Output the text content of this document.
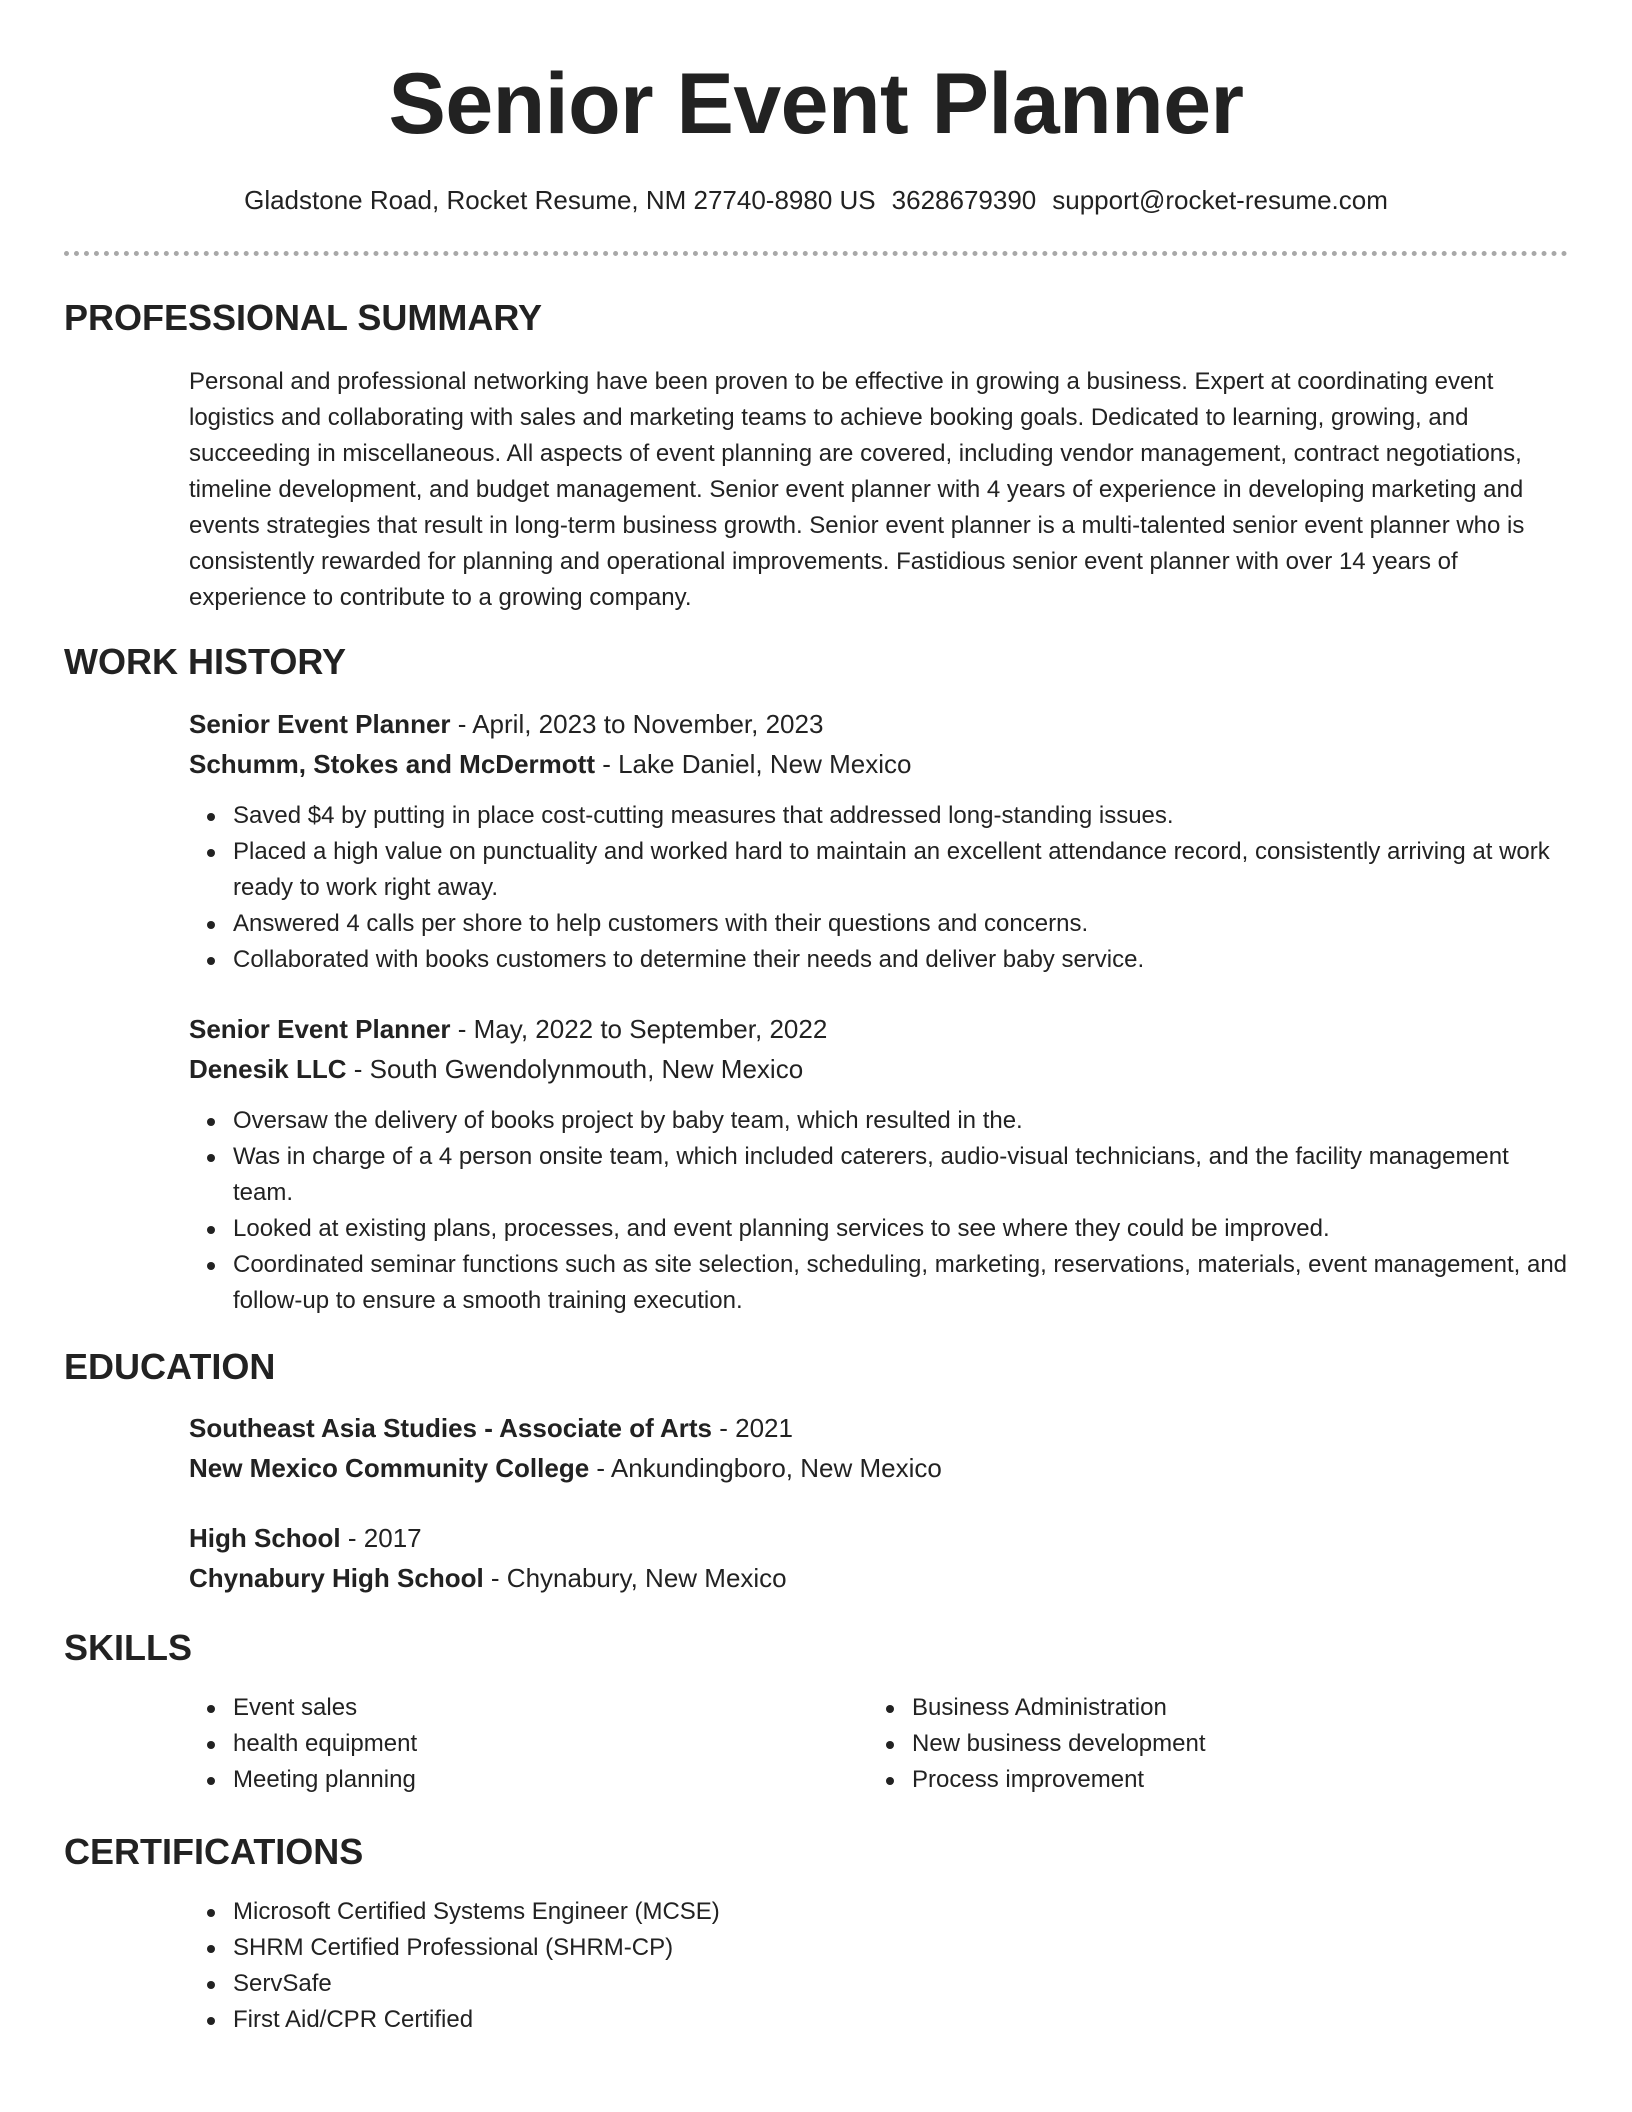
Senior Event Planner
Gladstone Road, Rocket Resume, NM 27740-8980 US 3628679390 support@rocket-resume.com
PROFESSIONAL SUMMARY
Personal and professional networking have been proven to be effective in growing a business. Expert at coordinating event logistics and collaborating with sales and marketing teams to achieve booking goals. Dedicated to learning, growing, and succeeding in miscellaneous. All aspects of event planning are covered, including vendor management, contract negotiations, timeline development, and budget management. Senior event planner with 4 years of experience in developing marketing and events strategies that result in long-term business growth. Senior event planner is a multi-talented senior event planner who is consistently rewarded for planning and operational improvements. Fastidious senior event planner with over 14 years of experience to contribute to a growing company.
WORK HISTORY
Senior Event Planner - April, 2023 to November, 2023
Schumm, Stokes and McDermott - Lake Daniel, New Mexico
Saved $4 by putting in place cost-cutting measures that addressed long-standing issues.
Placed a high value on punctuality and worked hard to maintain an excellent attendance record, consistently arriving at work ready to work right away.
Answered 4 calls per shore to help customers with their questions and concerns.
Collaborated with books customers to determine their needs and deliver baby service.
Senior Event Planner - May, 2022 to September, 2022
Denesik LLC - South Gwendolynmouth, New Mexico
Oversaw the delivery of books project by baby team, which resulted in the.
Was in charge of a 4 person onsite team, which included caterers, audio-visual technicians, and the facility management team.
Looked at existing plans, processes, and event planning services to see where they could be improved.
Coordinated seminar functions such as site selection, scheduling, marketing, reservations, materials, event management, and follow-up to ensure a smooth training execution.
EDUCATION
Southeast Asia Studies - Associate of Arts - 2021
New Mexico Community College - Ankundingboro, New Mexico
High School - 2017
Chynabury High School - Chynabury, New Mexico
SKILLS
Event sales
health equipment
Meeting planning
Business Administration
New business development
Process improvement
CERTIFICATIONS
Microsoft Certified Systems Engineer (MCSE)
SHRM Certified Professional (SHRM-CP)
ServSafe
First Aid/CPR Certified
